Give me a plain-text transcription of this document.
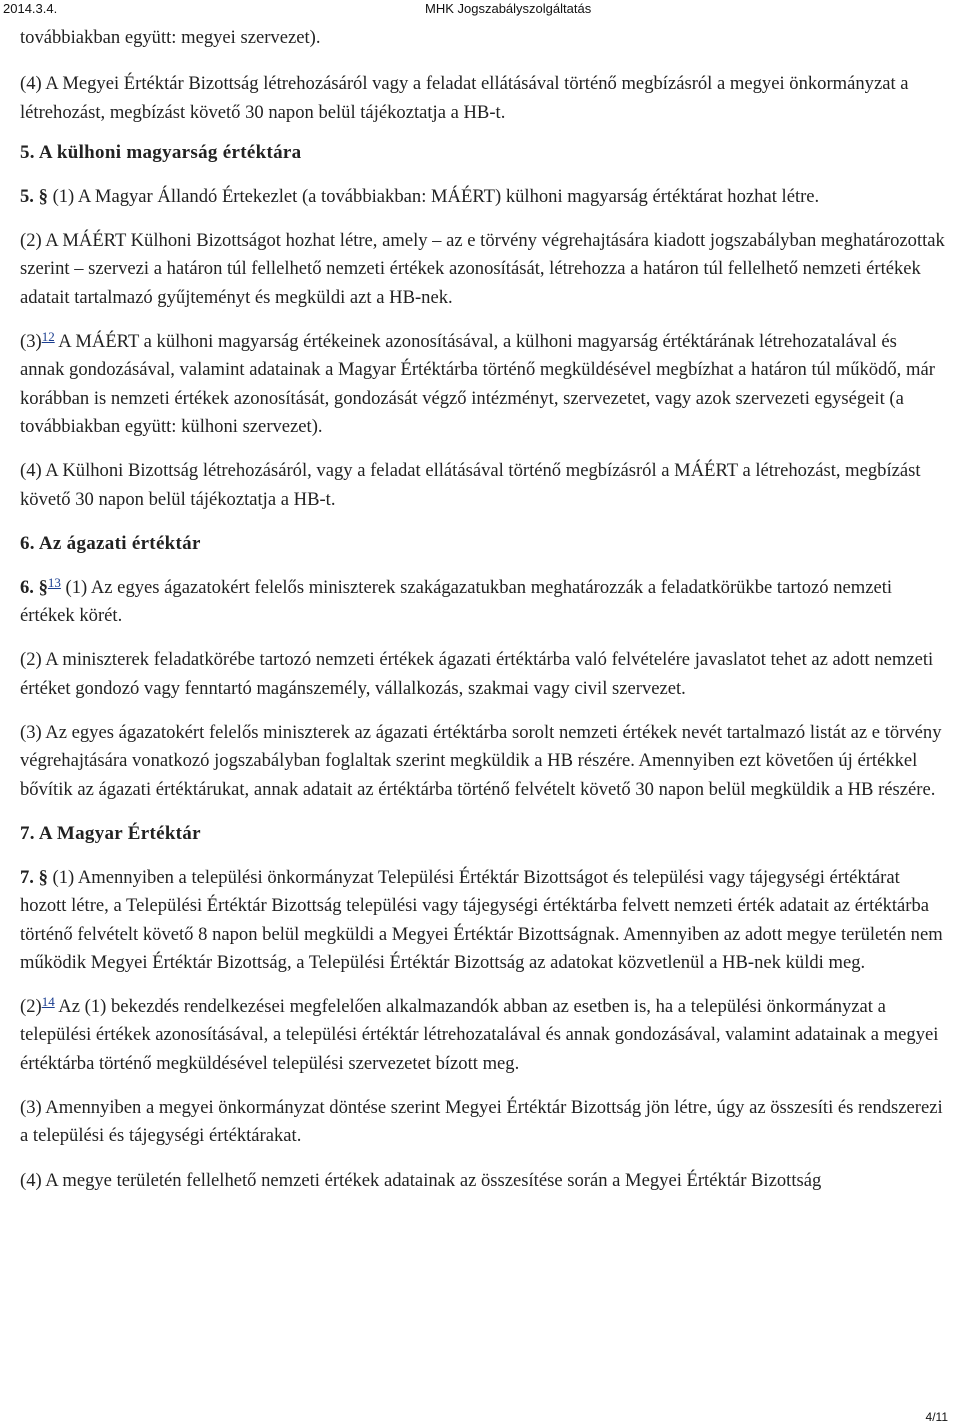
2014.3.4.	MHK Jogszabályszolgáltatás

továbbiakban együtt: megyei szervezet).

(4) A Megyei Értéktár Bizottság létrehozásáról vagy a feladat ellátásával történő megbízásról a megyei önkormányzat a létrehozást, megbízást követő 30 napon belül tájékoztatja a HB-t.

5. A külhoni magyarság értéktára

5. § (1) A Magyar Állandó Értekezlet (a továbbiakban: MÁÉRT) külhoni magyarság értéktárat hozhat létre.

(2) A MÁÉRT Külhoni Bizottságot hozhat létre, amely – az e törvény végrehajtására kiadott jogszabályban meghatározottak szerint – szervezi a határon túl fellelhető nemzeti értékek azonosítását, létrehozza a határon túl fellelhető nemzeti értékek adatait tartalmazó gyűjteményt és megküldi azt a HB-nek.

(3)$^{12}$ A MÁÉRT a külhoni magyarság értékeinek azonosításával, a külhoni magyarság értéktárának létrehozatalával és annak gondozásával, valamint adatainak a Magyar Értéktárba történő megküldésével megbízhat a határon túl működő, már korábban is nemzeti értékek azonosítását, gondozását végző intézményt, szervezetet, vagy azok szervezeti egységeit (a továbbiakban együtt: külhoni szervezet).

(4) A Külhoni Bizottság létrehozásáról, vagy a feladat ellátásával történő megbízásról a MÁÉRT a létrehozást, megbízást követő 30 napon belül tájékoztatja a HB-t.

6. Az ágazati értéktár

6. §$^{13}$ (1) Az egyes ágazatokért felelős miniszterek szakágazatukban meghatározzák a feladatkörükbe tartozó nemzeti értékek körét.

(2) A miniszterek feladatkörébe tartozó nemzeti értékek ágazati értéktárba való felvételére javaslatot tehet az adott nemzeti értéket gondozó vagy fenntartó magánszemély, vállalkozás, szakmai vagy civil szervezet.

(3) Az egyes ágazatokért felelős miniszterek az ágazati értéktárba sorolt nemzeti értékek nevét tartalmazó listát az e törvény végrehajtására vonatkozó jogszabályban foglaltak szerint megküldik a HB részére. Amennyiben ezt követően új értékkel bővítik az ágazati értéktárukat, annak adatait az értéktárba történő felvételt követő 30 napon belül megküldik a HB részére.

7. A Magyar Értéktár

7. § (1) Amennyiben a települési önkormányzat Települési Értéktár Bizottságot és települési vagy tájegységi értéktárat hozott létre, a Települési Értéktár Bizottság települési vagy tájegységi értéktárba felvett nemzeti érték adatait az értéktárba történő felvételt követő 8 napon belül megküldi a Megyei Értéktár Bizottságnak. Amennyiben az adott megye területén nem működik Megyei Értéktár Bizottság, a Települési Értéktár Bizottság az adatokat közvetlenül a HB-nek küldi meg.

(2)$^{14}$ Az (1) bekezdés rendelkezései megfelelően alkalmazandók abban az esetben is, ha a települési önkormányzat a települési értékek azonosításával, a települési értéktár létrehozatalával és annak gondozásával, valamint adatainak a megyei értéktárba történő megküldésével települési szervezetet bízott meg.

(3) Amennyiben a megyei önkormányzat döntése szerint Megyei Értéktár Bizottság jön létre, úgy az összesíti és rendszerezi a települési és tájegységi értéktárakat.

(4) A megye területén fellelhető nemzeti értékek adatainak az összesítése során a Megyei Értéktár Bizottság

4/11
